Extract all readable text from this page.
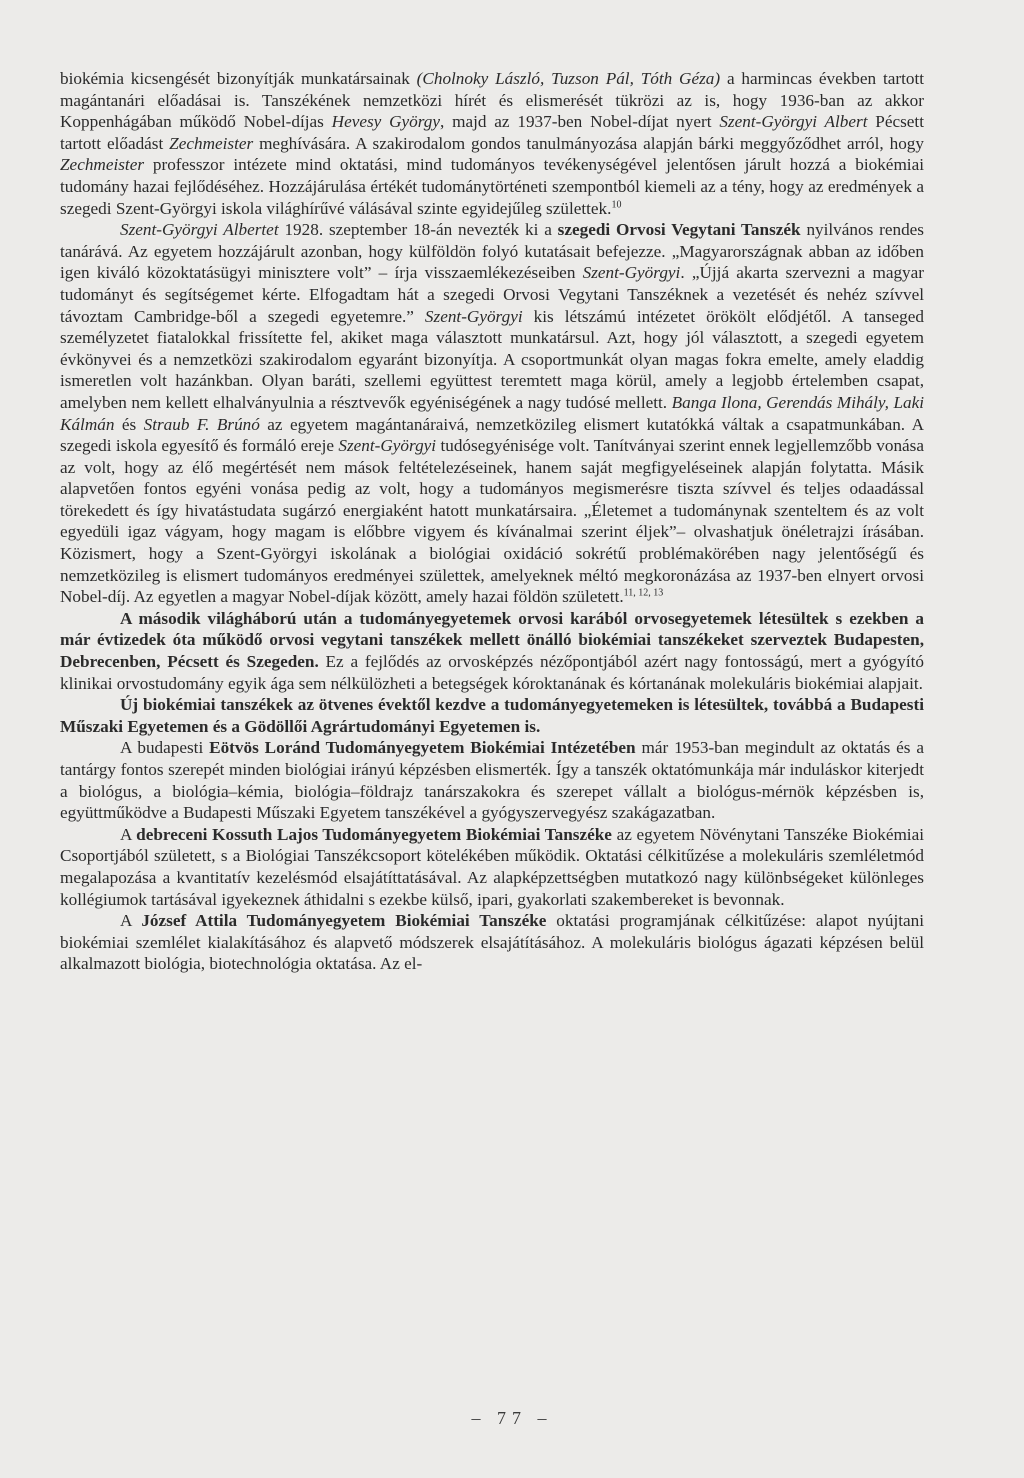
biokémia kicsengését bizonyítják munkatársainak (Cholnoky László, Tuzson Pál, Tóth Géza) a harmincas években tartott magántanári előadásai is. Tanszékének nemzetközi hírét és elismerését tükrözi az is, hogy 1936-ban az akkor Koppenhágában működő Nobel-díjas Hevesy György, majd az 1937-ben Nobel-díjat nyert Szent-Györgyi Albert Pécsett tartott előadást Zechmeister meghívására. A szakirodalom gondos tanulmányozása alapján bárki meggyőződhet arról, hogy Zechmeister professzor intézete mind oktatási, mind tudományos tevékenységével jelentősen járult hozzá a biokémiai tudomány hazai fejlődéséhez. Hozzájárulása értékét tudománytörténeti szempontból kiemeli az a tény, hogy az eredmények a szegedi Szent-Györgyi iskola világhírűvé válásával szinte egyidejűleg születtek.$^{10}$

Szent-Györgyi Albertet 1928. szeptember 18-án nevezték ki a szegedi Orvosi Vegytani Tanszék nyilvános rendes tanárává. Az egyetem hozzájárult azonban, hogy külföldön folyó kutatásait befejezze. „Magyarországnak abban az időben igen kiváló közoktatásügyi minisztere volt” – írja visszaemlékezéseiben Szent-Györgyi. „Újjá akarta szervezni a magyar tudományt és segítségemet kérte. Elfogadtam hát a szegedi Orvosi Vegytani Tanszéknek a vezetését és nehéz szívvel távoztam Cambridge-ből a szegedi egyetemre.” Szent-Györgyi kis létszámú intézetet örökölt elődjétől. A tanseged személyzetet fiatalokkal frissítette fel, akiket maga választott munkatársul. Azt, hogy jól választott, a szegedi egyetem évkönyvei és a nemzetközi szakirodalom egyaránt bizonyítja. A csoportmunkát olyan magas fokra emelte, amely eladdig ismeretlen volt hazánkban. Olyan baráti, szellemi együttest teremtett maga körül, amely a legjobb értelemben csapat, amelyben nem kellett elhalványulnia a résztvevők egyéniségének a nagy tudósé mellett. Banga Ilona, Gerendás Mihály, Laki Kálmán és Straub F. Brúnó az egyetem magántanáraivá, nemzetközileg elismert kutatókká váltak a csapatmunkában. A szegedi iskola egyesítő és formáló ereje Szent-Györgyi tudósegyénisége volt. Tanítványai szerint ennek legjellemzőbb vonása az volt, hogy az élő megértését nem mások feltételezéseinek, hanem saját megfigyeléseinek alapján folytatta. Másik alapvetően fontos egyéni vonása pedig az volt, hogy a tudományos megismerésre tiszta szívvel és teljes odaadással törekedett és így hivatástudata sugárzó energiaként hatott munkatársaira. „Életemet a tudománynak szenteltem és az volt egyedüli igaz vágyam, hogy magam is előbbre vigyem és kívánalmai szerint éljek”– olvashatjuk önéletrajzi írásában. Közismert, hogy a Szent-Györgyi iskolának a biológiai oxidáció sokrétű problémakörében nagy jelentőségű és nemzetközileg is elismert tudományos eredményei születtek, amelyeknek méltó megkoronázása az 1937-ben elnyert orvosi Nobel-díj. Az egyetlen a magyar Nobel-díjak között, amely hazai földön született.$^{11, 12, 13}$

A második világháború után a tudományegyetemek orvosi karából orvosegyetemek létesültek s ezekben a már évtizedek óta működő orvosi vegytani tanszékek mellett önálló biokémiai tanszékeket szerveztek Budapesten, Debrecenben, Pécsett és Szegeden. Ez a fejlődés az orvosképzés nézőpontjából azért nagy fontosságú, mert a gyógyító klinikai orvostudomány egyik ága sem nélkülözheti a betegségek kóroktanának és kórtanának molekuláris biokémiai alapjait.

Új biokémiai tanszékek az ötvenes évektől kezdve a tudományegyetemeken is létesültek, továbbá a Budapesti Műszaki Egyetemen és a Gödöllői Agrártudományi Egyetemen is.

A budapesti Eötvös Loránd Tudományegyetem Biokémiai Intézetében már 1953-ban megindult az oktatás és a tantárgy fontos szerepét minden biológiai irányú képzésben elismerték. Így a tanszék oktatómunkája már induláskor kiterjedt a biológus, a biológia–kémia, biológia–földrajz tanárszakokra és szerepet vállalt a biológus-mérnök képzésben is, együttműködve a Budapesti Műszaki Egyetem tanszékével a gyógyszervegyész szakágazatban.

A debreceni Kossuth Lajos Tudományegyetem Biokémiai Tanszéke az egyetem Növénytani Tanszéke Biokémiai Csoportjából született, s a Biológiai Tanszékcsoport kötelékében működik. Oktatási célkitűzése a molekuláris szemléletmód megalapozása a kvantitatív kezelésmód elsajátíttatásával. Az alapképzettségben mutatkozó nagy különbségeket különleges kollégiumok tartásával igyekeznek áthidalni s ezekbe külső, ipari, gyakorlati szakembereket is bevonnak.

A József Attila Tudományegyetem Biokémiai Tanszéke oktatási programjának célkitűzése: alapot nyújtani biokémiai szemlélet kialakításához és alapvető módszerek elsajátításához. A molekuláris biológus ágazati képzésen belül alkalmazott biológia, biotechnológia oktatása. Az el-

– 77 –
